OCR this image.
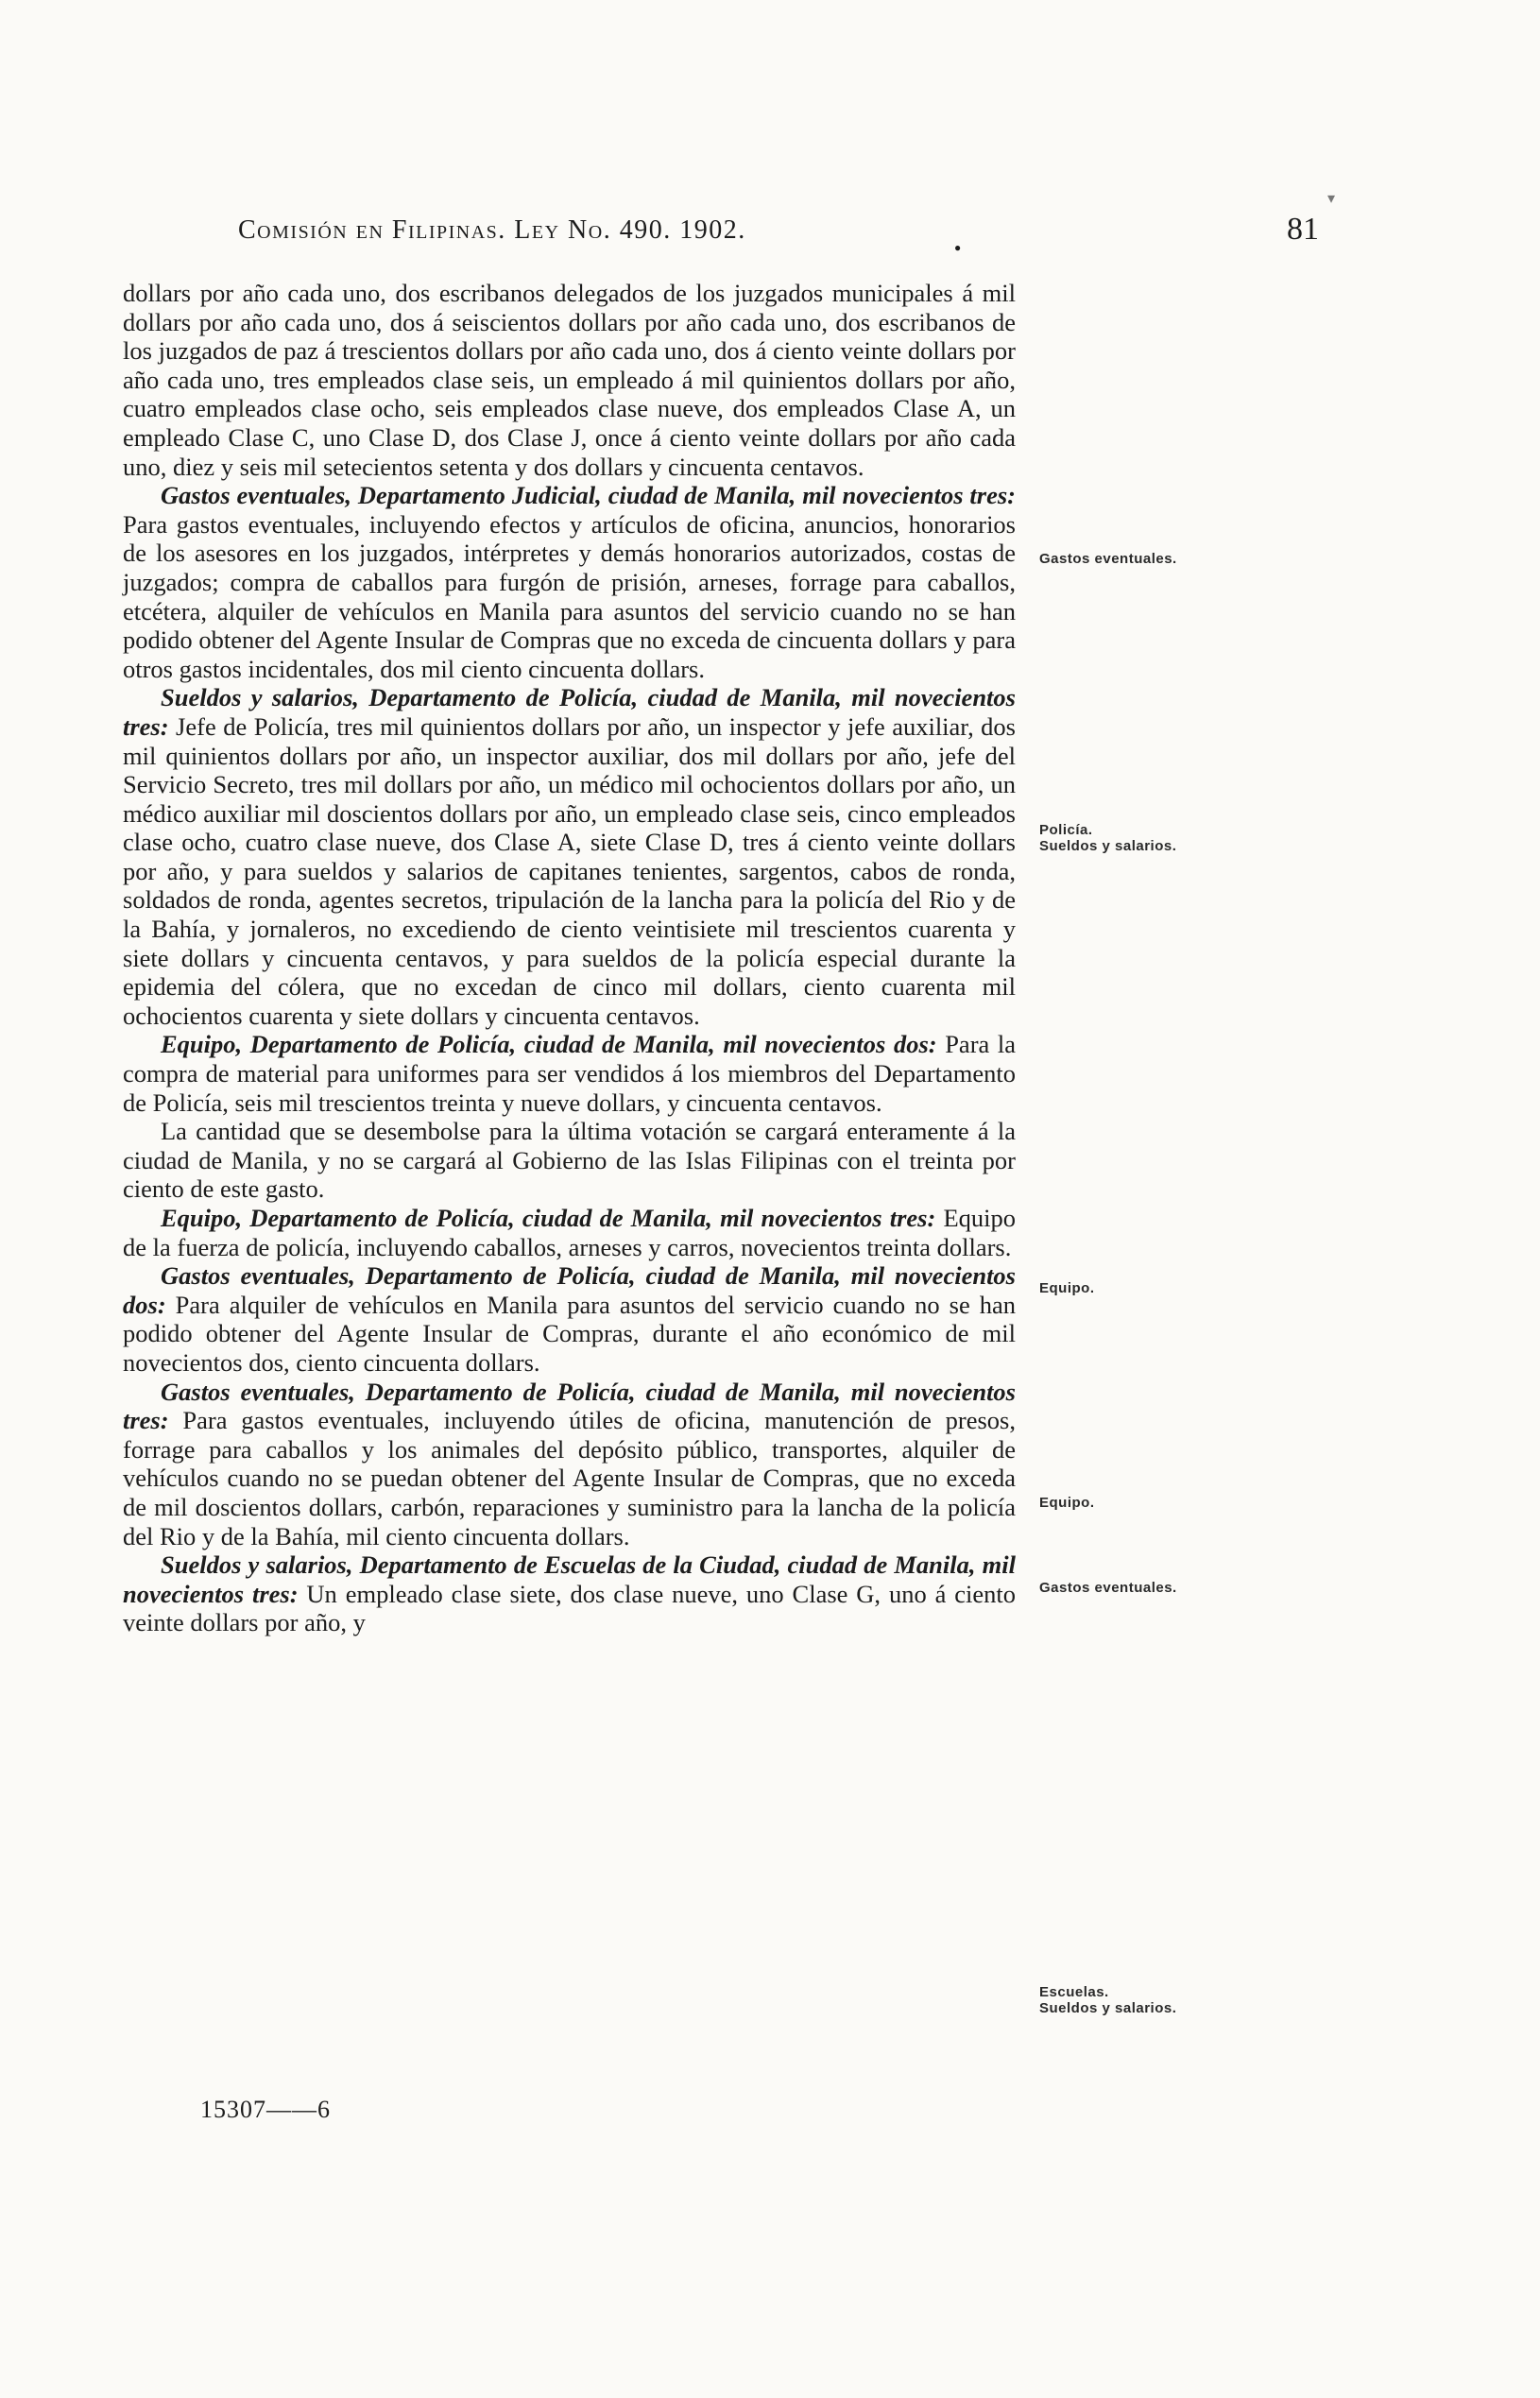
▾
●
Comisión en Filipinas. Ley No. 490. 1902.	81

dollars por año cada uno, dos escribanos delegados de los juzgados municipales á mil dollars por año cada uno, dos á seiscientos dollars por año cada uno, dos escribanos de los juzgados de paz á trescientos dollars por año cada uno, dos á ciento veinte dollars por año cada uno, tres empleados clase seis, un empleado á mil quinientos dollars por año, cuatro empleados clase ocho, seis empleados clase nueve, dos empleados Clase A, un empleado Clase C, uno Clase D, dos Clase J, once á ciento veinte dollars por año cada uno, diez y seis mil setecientos setenta y dos dollars y cincuenta centavos.

Gastos eventuales, Departamento Judicial, ciudad de Manila, mil novecientos tres: Para gastos eventuales, incluyendo efectos y artículos de oficina, anuncios, honorarios de los asesores en los juzgados, intérpretes y demás honorarios autorizados, costas de juzgados; compra de caballos para furgón de prisión, arneses, forrage para caballos, etcétera, alquiler de vehículos en Manila para asuntos del servicio cuando no se han podido obtener del Agente Insular de Compras que no exceda de cincuenta dollars y para otros gastos incidentales, dos mil ciento cincuenta dollars.

Sueldos y salarios, Departamento de Policía, ciudad de Manila, mil novecientos tres: Jefe de Policía, tres mil quinientos dollars por año, un inspector y jefe auxiliar, dos mil quinientos dollars por año, un inspector auxiliar, dos mil dollars por año, jefe del Servicio Secreto, tres mil dollars por año, un médico mil ochocientos dollars por año, un médico auxiliar mil doscientos dollars por año, un empleado clase seis, cinco empleados clase ocho, cuatro clase nueve, dos Clase A, siete Clase D, tres á ciento veinte dollars por año, y para sueldos y salarios de capitanes tenientes, sargentos, cabos de ronda, soldados de ronda, agentes secretos, tripulación de la lancha para la policía del Rio y de la Bahía, y jornaleros, no excediendo de ciento veintisiete mil trescientos cuarenta y siete dollars y cincuenta centavos, y para sueldos de la policía especial durante la epidemia del cólera, que no excedan de cinco mil dollars, ciento cuarenta mil ochocientos cuarenta y siete dollars y cincuenta centavos.

Equipo, Departamento de Policía, ciudad de Manila, mil novecientos dos: Para la compra de material para uniformes para ser vendidos á los miembros del Departamento de Policía, seis mil trescientos treinta y nueve dollars, y cincuenta centavos.

La cantidad que se desembolse para la última votación se cargará enteramente á la ciudad de Manila, y no se cargará al Gobierno de las Islas Filipinas con el treinta por ciento de este gasto.

Equipo, Departamento de Policía, ciudad de Manila, mil novecientos tres: Equipo de la fuerza de policía, incluyendo caballos, arneses y carros, novecientos treinta dollars.

Gastos eventuales, Departamento de Policía, ciudad de Manila, mil novecientos dos: Para alquiler de vehículos en Manila para asuntos del servicio cuando no se han podido obtener del Agente Insular de Compras, durante el año económico de mil novecientos dos, ciento cincuenta dollars.

Gastos eventuales, Departamento de Policía, ciudad de Manila, mil novecientos tres: Para gastos eventuales, incluyendo útiles de oficina, manutención de presos, forrage para caballos y los animales del depósito público, transportes, alquiler de vehículos cuando no se puedan obtener del Agente Insular de Compras, que no exceda de mil doscientos dollars, carbón, reparaciones y suministro para la lancha de la policía del Rio y de la Bahía, mil ciento cincuenta dollars.

Sueldos y salarios, Departamento de Escuelas de la Ciudad, ciudad de Manila, mil novecientos tres: Un empleado clase siete, dos clase nueve, uno Clase G, uno á ciento veinte dollars por año, y

Gastos eventuales.
Policía.
Sueldos y salarios.
Equipo.
Equipo.
Gastos eventuales.
Escuelas.
Sueldos y salarios.
15307——6
